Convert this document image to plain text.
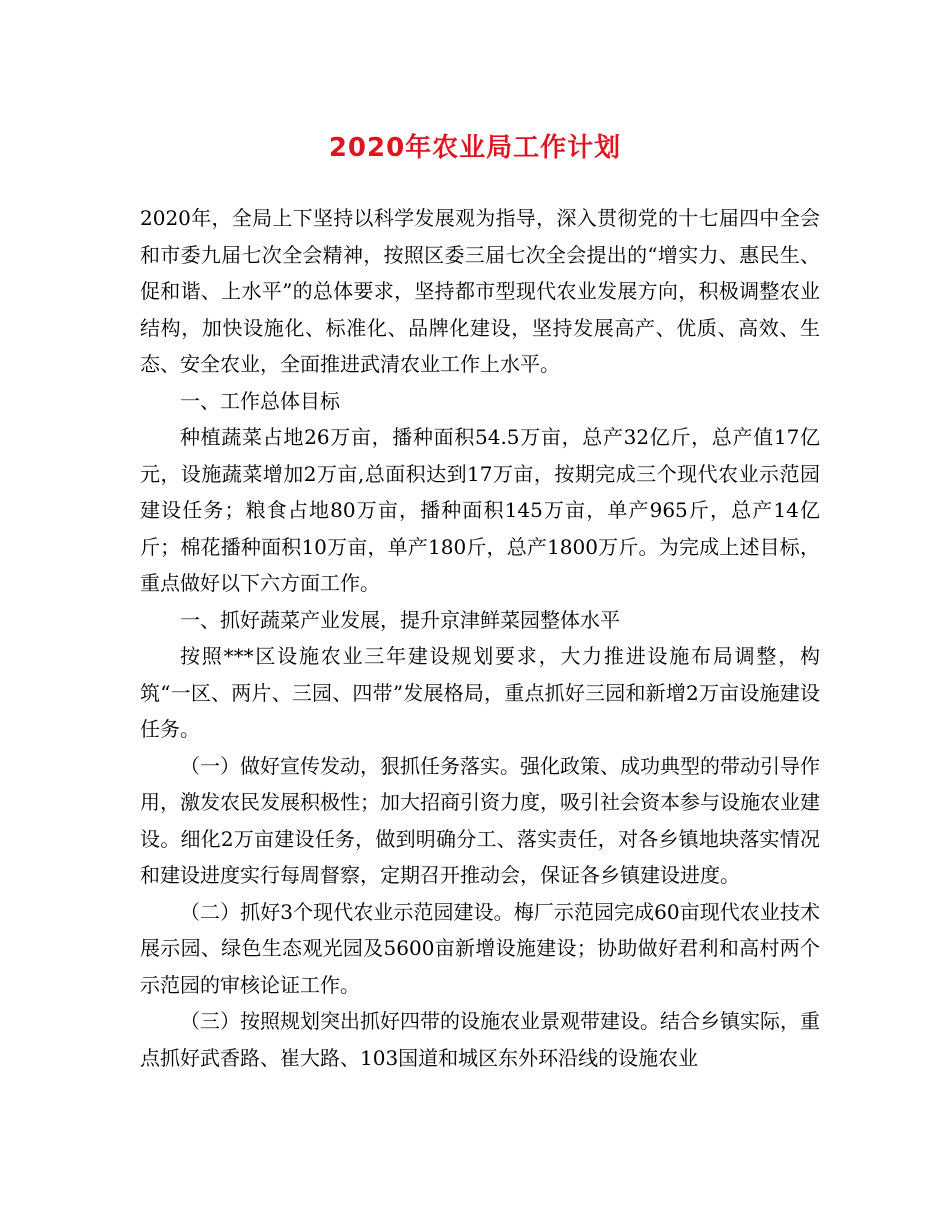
2020年农业局工作计划

2020年，全局上下坚持以科学发展观为指导，深入贯彻党的十七届四中全会和市委九届七次全会精神，按照区委三届七次全会提出的“增实力、惠民生、促和谐、上水平”的总体要求，坚持都市型现代农业发展方向，积极调整农业结构，加快设施化、标准化、品牌化建设，坚持发展高产、优质、高效、生态、安全农业，全面推进武清农业工作上水平。

一、工作总体目标

种植蔬菜占地26万亩，播种面积54.5万亩，总产32亿斤，总产值17亿元，设施蔬菜增加2万亩,总面积达到17万亩，按期完成三个现代农业示范园建设任务；粮食占地80万亩，播种面积145万亩，单产965斤，总产14亿斤；棉花播种面积10万亩，单产180斤，总产1800万斤。为完成上述目标，重点做好以下六方面工作。

一、抓好蔬菜产业发展，提升京津鲜菜园整体水平

按照***区设施农业三年建设规划要求，大力推进设施布局调整，构筑“一区、两片、三园、四带”发展格局，重点抓好三园和新增2万亩设施建设任务。

（一）做好宣传发动，狠抓任务落实。强化政策、成功典型的带动引导作用，激发农民发展积极性；加大招商引资力度，吸引社会资本参与设施农业建设。细化2万亩建设任务，做到明确分工、落实责任，对各乡镇地块落实情况和建设进度实行每周督察，定期召开推动会，保证各乡镇建设进度。

（二）抓好3个现代农业示范园建设。梅厂示范园完成60亩现代农业技术展示园、绿色生态观光园及5600亩新增设施建设；协助做好君利和高村两个示范园的审核论证工作。

（三）按照规划突出抓好四带的设施农业景观带建设。结合乡镇实际，重点抓好武香路、崔大路、103国道和城区东外环沿线的设施农业
